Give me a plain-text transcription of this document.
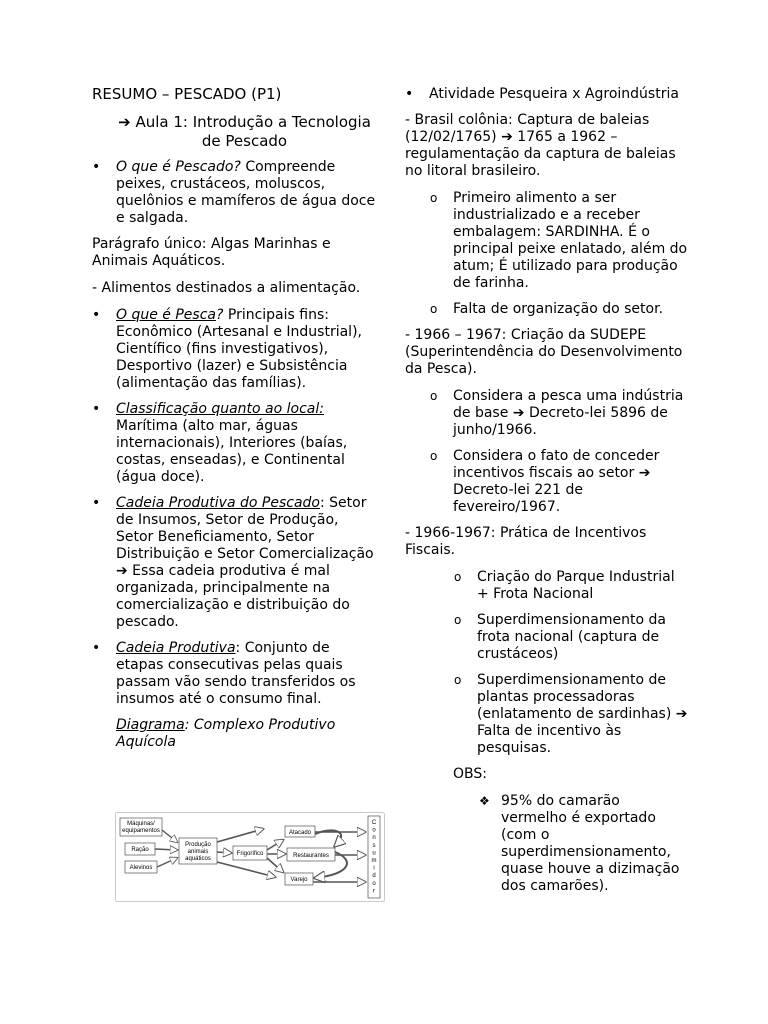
RESUMO – PESCADO (P1)

➔ Aula 1: Introdução a Tecnologia de Pescado

• O que é Pescado? Compreende peixes, crustáceos, moluscos, quelônios e mamíferos de água doce e salgada.

Parágrafo único: Algas Marinhas e Animais Aquáticos.

- Alimentos destinados a alimentação.

• O que é Pesca? Principais fins: Econômico (Artesanal e Industrial), Científico (fins investigativos), Desportivo (lazer) e Subsistência (alimentação das famílias).
• Classificação quanto ao local: Marítima (alto mar, águas internacionais), Interiores (baías, costas, enseadas), e Continental (água doce).
• Cadeia Produtiva do Pescado: Setor de Insumos, Setor de Produção, Setor Beneficiamento, Setor Distribuição e Setor Comercialização ➔ Essa cadeia produtiva é mal organizada, principalmente na comercialização e distribuição do pescado.
• Cadeia Produtiva: Conjunto de etapas consecutivas pelas quais passam vão sendo transferidos os insumos até o consumo final.

Diagrama: Complexo Produtivo Aquícola

Máquinas/
equipamentos
Ração
Alevinos
Produção
animais
aquáticos
Frigorífico
Atacado
Restaurantes
Varejo
C
o
n
s
u
m
i
d
o
r
• Atividade Pesqueira x Agroindústria

- Brasil colônia: Captura de baleias (12/02/1765) ➔ 1765 a 1962 – regulamentação da captura de baleias no litoral brasileiro.

o Primeiro alimento a ser industrializado e a receber embalagem: SARDINHA. É o principal peixe enlatado, além do atum; É utilizado para produção de farinha.
o Falta de organização do setor.

- 1966 – 1967: Criação da SUDEPE (Superintendência do Desenvolvimento da Pesca).

o Considera a pesca uma indústria de base ➔ Decreto-lei 5896 de junho/1966.
o Considera o fato de conceder incentivos fiscais ao setor ➔ Decreto-lei 221 de fevereiro/1967.

- 1966-1967: Prática de Incentivos Fiscais.

o Criação do Parque Industrial + Frota Nacional
o Superdimensionamento da frota nacional (captura de crustáceos)
o Superdimensionamento de plantas processadoras (enlatamento de sardinhas) ➔ Falta de incentivo às pesquisas.

OBS:

❖ 95% do camarão vermelho é exportado (com o superdimensionamento, quase houve a dizimação dos camarões).
